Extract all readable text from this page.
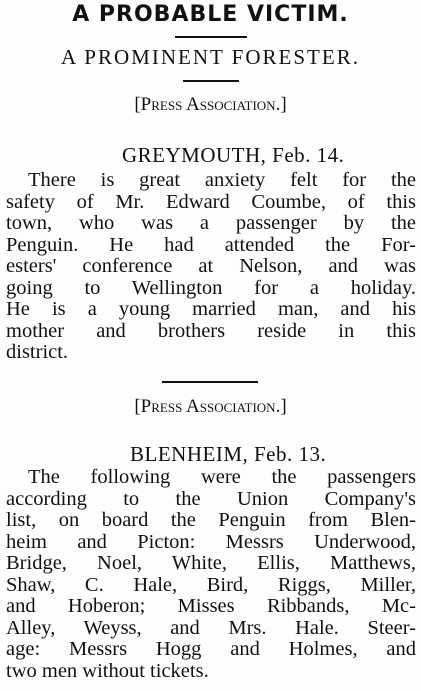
A PROBABLE VICTIM.
A PROMINENT FORESTER.
[Press Association.]
GREYMOUTH, Feb. 14.
There is great anxiety felt for the
safety of Mr. Edward Coumbe, of this
town, who was a passenger by the
Penguin. He had attended the For-
esters' conference at Nelson, and was
going to Wellington for a holiday.
He is a young married man, and his
mother and brothers reside in this
district.
[Press Association.]
BLENHEIM, Feb. 13.
The following were the passengers
according to the Union Company's
list, on board the Penguin from Blen-
heim and Picton: Messrs Underwood,
Bridge, Noel, White, Ellis, Matthews,
Shaw, C. Hale, Bird, Riggs, Miller,
and Hoberon; Misses Ribbands, Mc-
Alley, Weyss, and Mrs. Hale. Steer-
age: Messrs Hogg and Holmes, and
two men without tickets.
